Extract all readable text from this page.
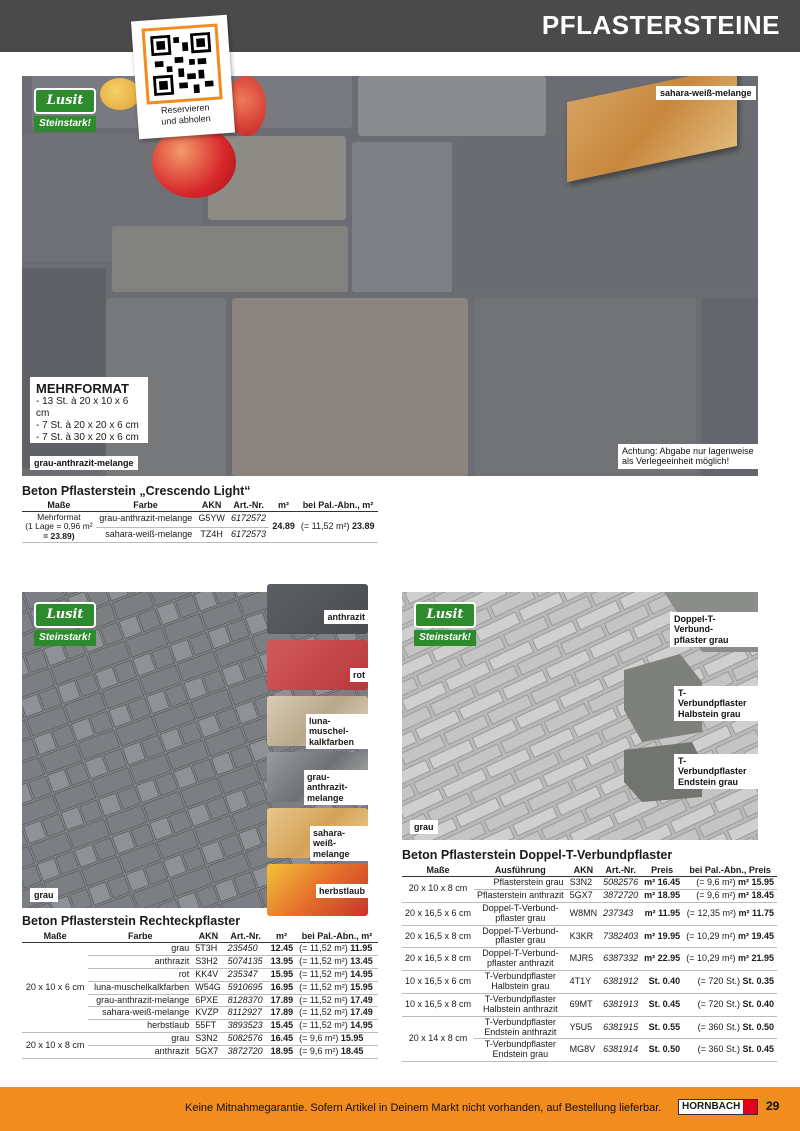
PFLASTERSTEINE
Lusit
Steinstark!
sahara-weiß-melange
grau-anthrazit-melange
Achtung: Abgabe nur lagenweise
als Verlegeeinheit möglich!
Reservieren
und abholen
MEHRFORMAT
- 13 St. à 20 x 10 x 6 cm
- 7 St. à 20 x 20 x 6 cm
- 7 St. à 30 x 20 x 6 cm
Beton Pflasterstein „Crescendo Light“
Maße	Farbe	AKN	Art.-Nr.	m²	bei Pal.-Abn., m²

Mehrformat
(1 Lage = 0,96 m²
= 23.89)	grau-anthrazit-melange	G5YW	6172572	24.89	(= 11,52 m²) 23.89
	sahara-weiß-melange	TZ4H	6172573		
Lusit
Steinstark!
grau
anthrazit
rot
luna-muschel-
kalkfarben
grau-anthrazit-
melange
sahara-weiß-
melange
herbstlaub
Beton Pflasterstein Rechteckpflaster
Maße	Farbe	AKN	Art.-Nr.	m²	bei Pal.-Abn., m²
20 x 10 x 6 cm	grau	5T3H	235450	12.45	(= 11,52 m²) 11.95
	anthrazit	S3H2	5074135	13.95	(= 11,52 m²) 13.45
	rot	KK4V	235347	15.95	(= 11,52 m²) 14.95
	luna-muschelkalkfarben	W54G	5910695	16.95	(= 11,52 m²) 15.95
	grau-anthrazit-melange	6PXE	8128370	17.89	(= 11,52 m²) 17.49
	sahara-weiß-melange	KVZP	8112927	17.89	(= 11,52 m²) 17.49
	herbstlaub	55FT	3893523	15.45	(= 11,52 m²) 14.95
20 x 10 x 8 cm	grau	S3N2	5082576	16.45	(= 9,6 m²) 15.95
	anthrazit	5GX7	3872720	18.95	(= 9,6 m²) 18.45
Lusit
Steinstark!
Doppel-T-Verbund-
pflaster grau
T-Verbundpflaster
Halbstein grau
T-Verbundpflaster
Endstein grau
grau
Beton Pflasterstein Doppel-T-Verbundpflaster
Maße	Ausführung	AKN	Art.-Nr.	Preis	bei Pal.-Abn., Preis
20 x 10 x 8 cm	Pflasterstein grau	S3N2	5082576	m² 16.45	(= 9,6 m²) m² 15.95

	Pflasterstein anthrazit	5GX7	3872720	m² 18.95	(= 9,6 m²) m² 18.45
20 x 16,5 x 6 cm	Doppel-T-Verbund-
pflaster grau	W8MN	237343	m² 11.95	(= 12,35 m²) m² 11.75
20 x 16,5 x 8 cm	Doppel-T-Verbund-
pflaster grau	K3KR	7382403	m² 19.95	(= 10,29 m²) m² 19.45
20 x 16,5 x 8 cm	Doppel-T-Verbund-
pflaster anthrazit	MJR5	6387332	m² 22.95	(= 10,29 m²) m² 21.95
10 x 16,5 x 6 cm	T-Verbundpflaster
Halbstein grau	4T1Y	6381912	St. 0.40	(= 720 St.) St. 0.35
10 x 16,5 x 8 cm	T-Verbundpflaster
Halbstein anthrazit	69MT	6381913	St. 0.45	(= 720 St.) St. 0.40
20 x 14 x 8 cm	T-Verbundpflaster
Endstein anthrazit	Y5U5	6381915	St. 0.55	(= 360 St.) St. 0.50

	T-Verbundpflaster
Endstein grau	MG8V	6381914	St. 0.50	(= 360 St.) St. 0.45
Keine Mitnahmegarantie. Sofern Artikel in Deinem Markt nicht vorhanden, auf Bestellung lieferbar.	HORNBACH	29
